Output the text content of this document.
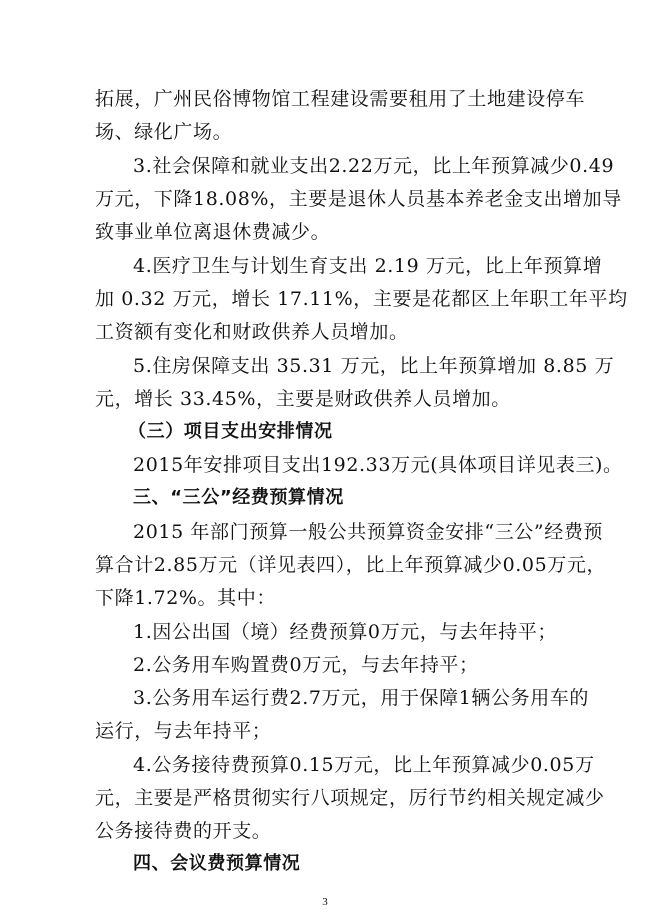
拓展，广州民俗博物馆工程建设需要租用了土地建设停车
场、绿化广场。
3.社会保障和就业支出2.22万元，比上年预算减少0.49
万元，下降18.08%，主要是退休人员基本养老金支出增加导
致事业单位离退休费减少。
4.医疗卫生与计划生育支出 2.19 万元，比上年预算增
加 0.32 万元，增长 17.11%，主要是花都区上年职工年平均
工资额有变化和财政供养人员增加。
5.住房保障支出 35.31 万元，比上年预算增加 8.85 万
元，增长 33.45%，主要是财政供养人员增加。
（三）项目支出安排情况
2015年安排项目支出192.33万元(具体项目详见表三)。
三、“三公”经费预算情况
2015 年部门预算一般公共预算资金安排“三公”经费预
算合计2.85万元（详见表四），比上年预算减少0.05万元，
下降1.72%。其中：
1.因公出国（境）经费预算0万元，与去年持平；
2.公务用车购置费0万元，与去年持平；
3.公务用车运行费2.7万元，用于保障1辆公务用车的
运行，与去年持平；
4.公务接待费预算0.15万元，比上年预算减少0.05万
元，主要是严格贯彻实行八项规定，厉行节约相关规定减少
公务接待费的开支。
四、会议费预算情况
3
